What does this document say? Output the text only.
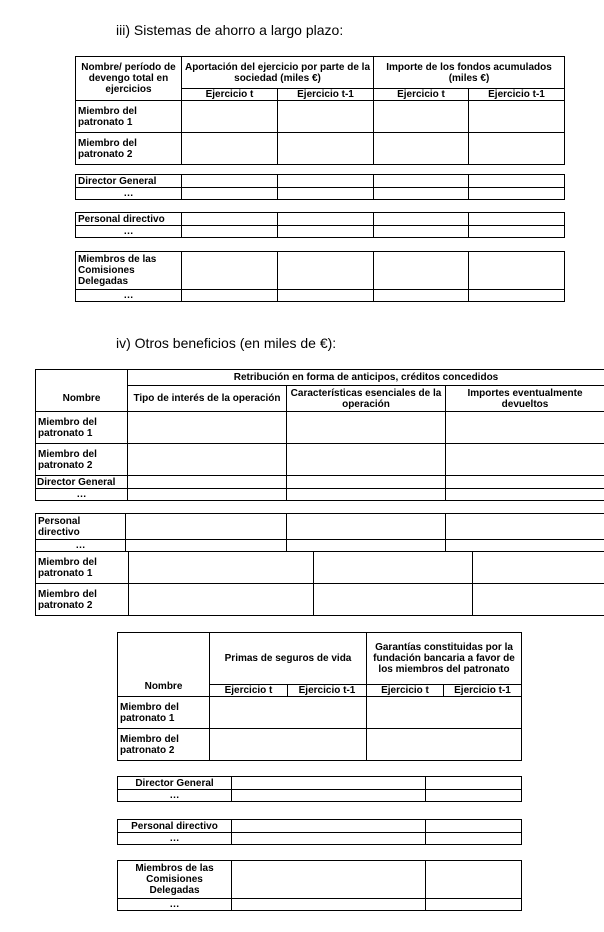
iii) Sistemas de ahorro a largo plazo:
Nombre/ período de devengo total en ejercicios	Aportación del ejercicio por parte de la sociedad (miles €)		Importe de los fondos acumulados (miles €)	
	Ejercicio t	Ejercicio t-1	Ejercicio t	Ejercicio t-1
Miembro del patronato 1				
Miembro del patronato 2				
Director General				
…				
Personal directivo				
…				
Miembros de las Comisiones Delegadas				
…				
iv) Otros beneficios (en miles de €):
	Retribución en forma de anticipos, créditos concedidos		
Nombre	Tipo de interés de la operación	Características esenciales de la operación	Importes eventualmente devueltos
Miembro del patronato 1			
Miembro del patronato 2			
Director General			
…			
Personal directivo			
…			
Miembro del patronato 1			
Miembro del patronato 2			
Nombre	Primas de seguros de vida		Garantías constituidas por la fundación bancaria a favor de los miembros del patronato	
	Ejercicio t	Ejercicio t-1	Ejercicio t	Ejercicio t-1
Miembro del patronato 1				
Miembro del patronato 2				
Director General		
…		
Personal directivo		
…		
Miembros de las Comisiones Delegadas		
…		
